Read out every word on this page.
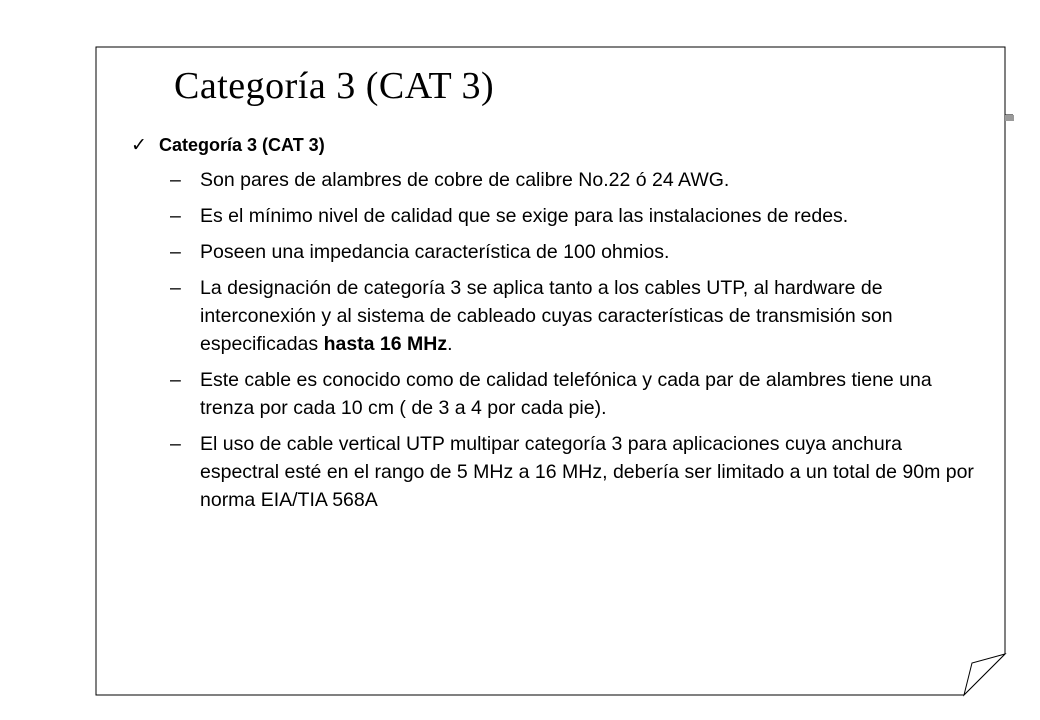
Categoría 3 (CAT 3)
✓ Categoría 3 (CAT 3)
– Son pares de alambres de cobre de calibre No.22 ó 24 AWG.
– Es el mínimo nivel de calidad que se exige para las instalaciones de redes.
– Poseen una impedancia característica de 100 ohmios.
– La designación de categoría 3 se aplica tanto a los cables UTP, al hardware de interconexión y al sistema de cableado cuyas características de transmisión son especificadas hasta 16 MHz.
– Este cable es conocido como de calidad telefónica y cada par de alambres tiene una trenza por cada 10 cm ( de 3 a 4 por cada pie).
– El uso de cable vertical UTP multipar categoría 3 para aplicaciones cuya anchura espectral esté en el rango de 5 MHz a 16 MHz, debería ser limitado a un total de 90m por norma EIA/TIA 568A
